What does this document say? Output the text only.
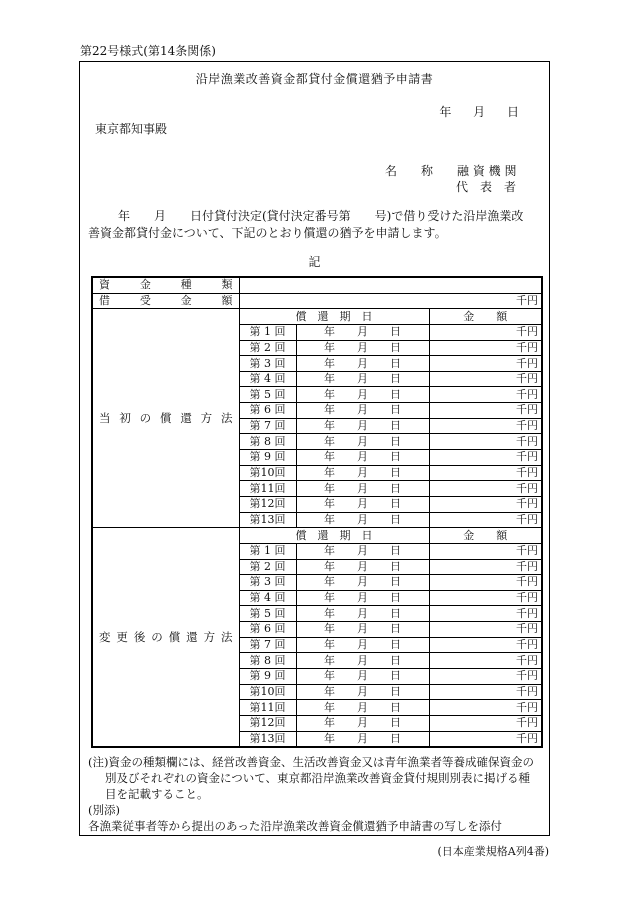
第22号様式(第14条関係)
沿岸漁業改善資金都貸付金償還猶予申請書
年 月 日
東京都知事殿
名　　称　　融 資 機 関
代　表　者
年　　月　　日付貸付決定(貸付決定番号第　　号)で借り受けた沿岸漁業改
善資金都貸付金について、下記のとおり償還の猶予を申請します。
記
資　金　種　類			
借　受　金　額	千円		
当 初 の 償 還 方 法	償　還　期　日		金　　額
	第 1 回	年　　月　　日	千円
	第 2 回	年　　月　　日	千円
	第 3 回	年　　月　　日	千円
	第 4 回	年　　月　　日	千円
	第 5 回	年　　月　　日	千円
	第 6 回	年　　月　　日	千円
	第 7 回	年　　月　　日	千円
	第 8 回	年　　月　　日	千円
	第 9 回	年　　月　　日	千円
	第10回	年　　月　　日	千円
	第11回	年　　月　　日	千円
	第12回	年　　月　　日	千円
	第13回	年　　月　　日	千円
変 更 後 の 償 還 方 法	償　還　期　日		金　　額
	第 1 回	年　　月　　日	千円
	第 2 回	年　　月　　日	千円
	第 3 回	年　　月　　日	千円
	第 4 回	年　　月　　日	千円
	第 5 回	年　　月　　日	千円
	第 6 回	年　　月　　日	千円
	第 7 回	年　　月　　日	千円
	第 8 回	年　　月　　日	千円
	第 9 回	年　　月　　日	千円
	第10回	年　　月　　日	千円
	第11回	年　　月　　日	千円
	第12回	年　　月　　日	千円
	第13回	年　　月　　日	千円
(注)資金の種類欄には、経営改善資金、生活改善資金又は青年漁業者等養成確保資金の
別及びそれぞれの資金について、東京都沿岸漁業改善資金貸付規則別表に掲げる種
目を記載すること。
(別添)
各漁業従事者等から提出のあった沿岸漁業改善資金償還猶予申請書の写しを添付
(日本産業規格A列4番)
